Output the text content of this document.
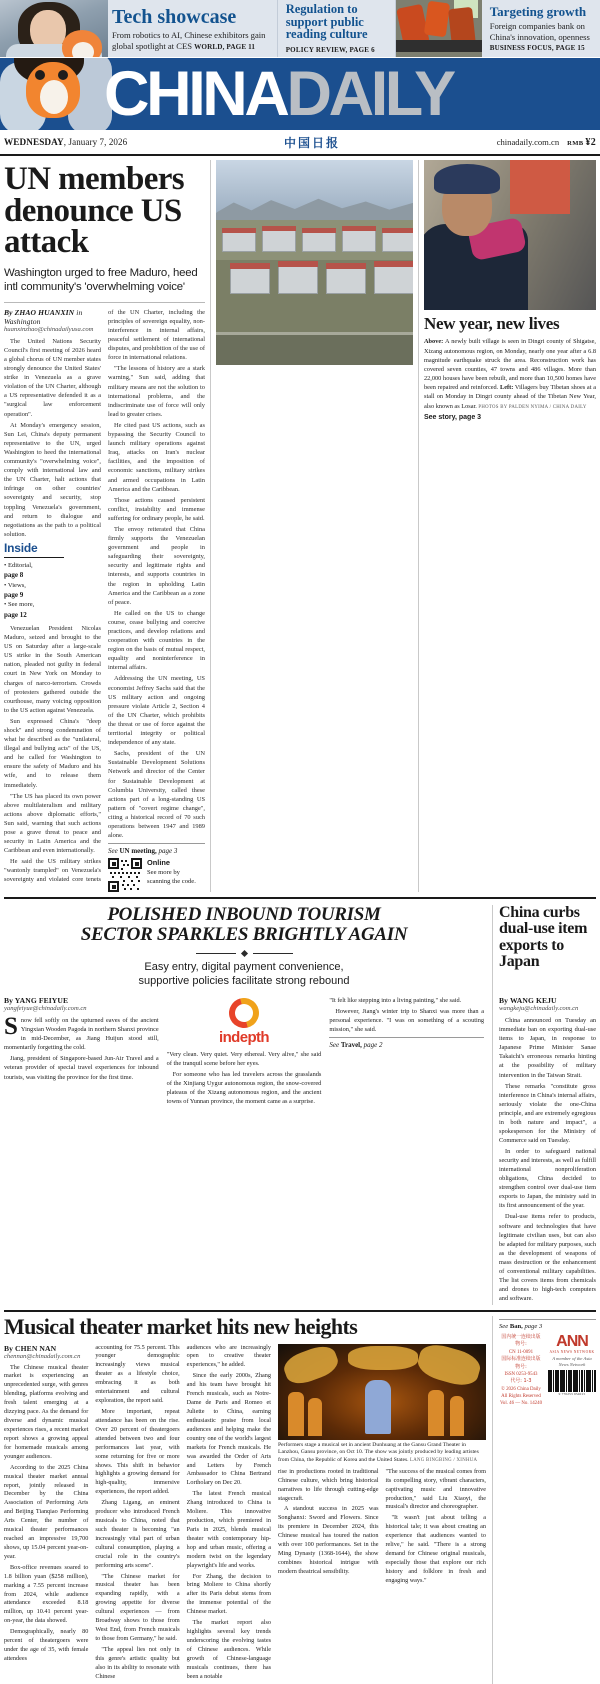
Tech showcase
From robotics to AI, Chinese exhibitors gain global spotlight at CES WORLD, PAGE 11
Regulation to support public reading culture
POLICY REVIEW, PAGE 6
Targeting growth
Foreign companies bank on China's innovation, openness
BUSINESS FOCUS, PAGE 15
CHINADAILY
WEDNESDAY, January 7, 2026	中国日报	chinadaily.com.cn RMB ¥2
UN members denounce US attack
Washington urged to free Maduro, heed intl community's 'overwhelming voice'
By ZHAO HUANXIN in Washington
huanxinzhao@chinadailyusa.com

The United Nations Security Council's first meeting of 2026 heard a global chorus of UN member states strongly denounce the United States' strike in Venezuela as a grave violation of the UN Charter, although a US representative defended it as a "surgical law enforcement operation".

At Monday's emergency session, Sun Lei, China's deputy permanent representative to the UN, urged Washington to heed the international community's "overwhelming voice", comply with international law and the UN Charter, halt actions that infringe on other countries' sovereignty and security, stop toppling Venezuela's government, and return to dialogue and negotiations as the path to a political solution.

Inside
• Editorial,
page 8
• Views,
page 9
• See more,
page 12

Venezuelan President Nicolas Maduro, seized and brought to the US on Saturday after a large-scale US strike in the South American nation, pleaded not guilty in federal court in New York on Monday to charges of narco-terrorism. Crowds of protesters gathered outside the courthouse, many voicing opposition to the US action against Venezuela.

Sun expressed China's "deep shock" and strong condemnation of what he described as the "unilateral, illegal and bullying acts" of the US, and he called for Washington to ensure the safety of Maduro and his wife, and to release them immediately.

"The US has placed its own power above multilateralism and military actions above diplomatic efforts," Sun said, warning that such actions pose a grave threat to peace and security in Latin America and the Caribbean and even internationally.

He said the US military strikes "wantonly trampled" on Venezuela's sovereignty and violated core tenets of the UN Charter, including the principles of sovereign equality, non-interference in internal affairs, peaceful settlement of international disputes, and prohibition of the use of force in international relations.

"The lessons of history are a stark warning," Sun said, adding that military means are not the solution to international problems, and the indiscriminate use of force will only lead to greater crises.

He cited past US actions, such as bypassing the Security Council to launch military operations against Iraq, attacks on Iran's nuclear facilities, and the imposition of economic sanctions, military strikes and armed occupations in Latin America and the Caribbean.

Those actions caused persistent conflict, instability and immense suffering for ordinary people, he said.

The envoy reiterated that China firmly supports the Venezuelan government and people in safeguarding their sovereignty, security and legitimate rights and interests, and supports countries in the region in upholding Latin America and the Caribbean as a zone of peace.

He called on the US to change course, cease bullying and coercive practices, and develop relations and cooperation with countries in the region on the basis of mutual respect, equality and noninterference in internal affairs.

Addressing the UN meeting, US economist Jeffrey Sachs said that the US military action and ongoing pressure violate Article 2, Section 4 of the UN Charter, which prohibits the threat or use of force against the territorial integrity or political independence of any state.

Sachs, president of the UN Sustainable Development Solutions Network and director of the Center for Sustainable Development at Columbia University, called these actions part of a long-standing US pattern of "covert regime change", citing a historical record of 70 such operations between 1947 and 1989 alone.

See UN meeting, page 3
Online
See more by scanning the code.
New year, new lives
Above: A newly built village is seen in Dingri county of Shigatse, Xizang autonomous region, on Monday, nearly one year after a 6.8 magnitude earthquake struck the area. Reconstruction work has covered seven counties, 47 towns and 486 villages. More than 22,000 houses have been rebuilt, and more than 10,500 homes have been repaired and reinforced. Left: Villagers buy Tibetan shoes at a stall on Monday in Dingri county ahead of the Tibetan New Year, also known as Losar. PHOTOS BY PALDEN NYIMA / CHINA DAILY
See story, page 3
POLISHED INBOUND TOURISM
SECTOR SPARKLES BRIGHTLY AGAIN
Easy entry, digital payment convenience,
supportive policies facilitate strong rebound
China curbs dual-use item exports to Japan
By YANG FEIYUE
yangfeiyue@chinadaily.com.cn

Snow fell softly on the upturned eaves of the ancient Yingxian Wooden Pagoda in northern Shanxi province in mid-December, as Jiang Huijun stood still, momentarily forgetting the cold.

Jiang, president of Singapore-based Jun-Air Travel and a veteran provider of special travel experiences for inbound tourists, was visiting the province for the first time.

indepth

"Very clean. Very quiet. Very ethereal. Very alive," she said of the tranquil scene before her eyes.

For someone who has led travelers across the grasslands of the Xinjiang Uygur autonomous region, the snow-covered plateaus of the Xizang autonomous region, and the ancient towns of Yunnan province, the moment came as a surprise.

"It felt like stepping into a living painting," she said.

However, Jiang's winter trip to Shanxi was more than a personal experience. "I was on something of a scouting mission," she said.

See Travel, page 2
By WANG KEJU
wangkeju@chinadaily.com.cn

China announced on Tuesday an immediate ban on exporting dual-use items to Japan, in response to Japanese Prime Minister Sanae Takaichi's erroneous remarks hinting at the possibility of military intervention in the Taiwan Strait.

These remarks "constitute gross interference in China's internal affairs, seriously violate the one-China principle, and are extremely egregious in both nature and impact", a spokesperson for the Ministry of Commerce said on Tuesday.

In order to safeguard national security and interests, as well as fulfill international nonproliferation obligations, China decided to strengthen control over dual-use item exports to Japan, the ministry said in its first announcement of the year.

Dual-use items refer to products, software and technologies that have legitimate civilian uses, but can also be adapted for military purposes, such as the development of weapons of mass destruction or the enhancement of conventional military capabilities. The list covers items from chemicals and drones to high-tech computers and software.

Musical theater market hits new heights
By CHEN NAN
chennan@chinadaily.com.cn

The Chinese musical theater market is experiencing an unprecedented surge, with genres blending, platforms evolving and fresh talent emerging at a dizzying pace. As the demand for diverse and dynamic musical experiences rises, a recent market report shows a growing appeal for homemade musicals among younger audiences.

According to the 2025 China musical theater market annual report, jointly released in December by the China Association of Performing Arts and Beijing Tianqiao Performing Arts Center, the number of musical theater performances reached an impressive 19,700 shows, up 15.04 percent year-on-year.

Box-office revenues soared to 1.8 billion yuan ($258 million), marking a 7.55 percent increase from 2024, while audience attendance exceeded 8.18 million, up 10.41 percent year-on-year, the data showed.

Demographically, nearly 80 percent of theatergoers were under the age of 35, with female attendees

accounting for 75.5 percent. This younger demographic increasingly views musical theater as a lifestyle choice, embracing it as both entertainment and cultural exploration, the report said.

More important, repeat attendance has been on the rise. Over 20 percent of theatergoers attended between two and four performances last year, with some returning for five or more shows. This shift in behavior highlights a growing demand for high-quality, immersive experiences, the report added.

Zhang Ligang, an eminent producer who introduced French musicals to China, noted that such theater is becoming "an increasingly vital part of urban cultural consumption, playing a crucial role in the country's performing arts scene".

"The Chinese market for musical theater has been expanding rapidly, with a growing appetite for diverse cultural experiences — from Broadway shows to those from West End, from French musicals to those from Germany," he said.

"The appeal lies not only in this genre's artistic quality but also in its ability to resonate with Chinese

audiences who are increasingly open to creative theater experiences," he added.

Since the early 2000s, Zhang and his team have brought hit French musicals, such as Notre-Dame de Paris and Romeo et Juliette to China, earning enthusiastic praise from local audiences and helping make the country one of the world's largest markets for French musicals. He was awarded the Order of Arts and Letters by French Ambassador to China Bertrand Lortholary on Dec 20.

The latest French musical Zhang introduced to China is Moliere. This innovative production, which premiered in Paris in 2025, blends musical theater with contemporary hip-hop and urban music, offering a modern twist on the legendary playwright's life and works.

For Zhang, the decision to bring Moliere to China shortly after its Paris debut stems from the immense potential of the Chinese market.

The market report also highlights several key trends underscoring the evolving tastes of Chinese audiences. While growth of Chinese-language musicals continues, there has been a notable

Performers stage a musical set in ancient Dunhuang at the Gansu Grand Theater in Lanzhou, Gansu province, on Oct 10. The show was jointly produced by leading artistes from China, the Republic of Korea and the United States. LANG BINGBING / XINHUA

rise in productions rooted in traditional Chinese culture, which bring historical narratives to life through cutting-edge stagecraft.

A standout success in 2025 was Songhanxi: Sword and Flowers. Since its premiere in December 2024, this Chinese musical has toured the nation with over 100 performances. Set in the Ming Dynasty (1368-1644), the show combines historical intrigue with modern theatrical sensibility.

"The success of the musical comes from its compelling story, vibrant characters, captivating music and innovative production," said Liu Xiaoyi, the musical's director and choreographer.

"It wasn't just about telling a historical tale; it was about creating an experience that audiences wanted to relive," he said. "There is a strong demand for Chinese original musicals, especially those that explore our rich history and folklore in fresh and engaging ways."

See Ban, page 3
国内统一连续出版物号:
CN 11-0091
国际标准连续出版物号:
ISSN 0253-9543
代号: 1-3
© 2026 China Daily
All Rights Reserved
Vol. 46 — No. 14240
ANN
ASIA NEWS NETWORK
A member of the Asia News Network
9 770253 954015
